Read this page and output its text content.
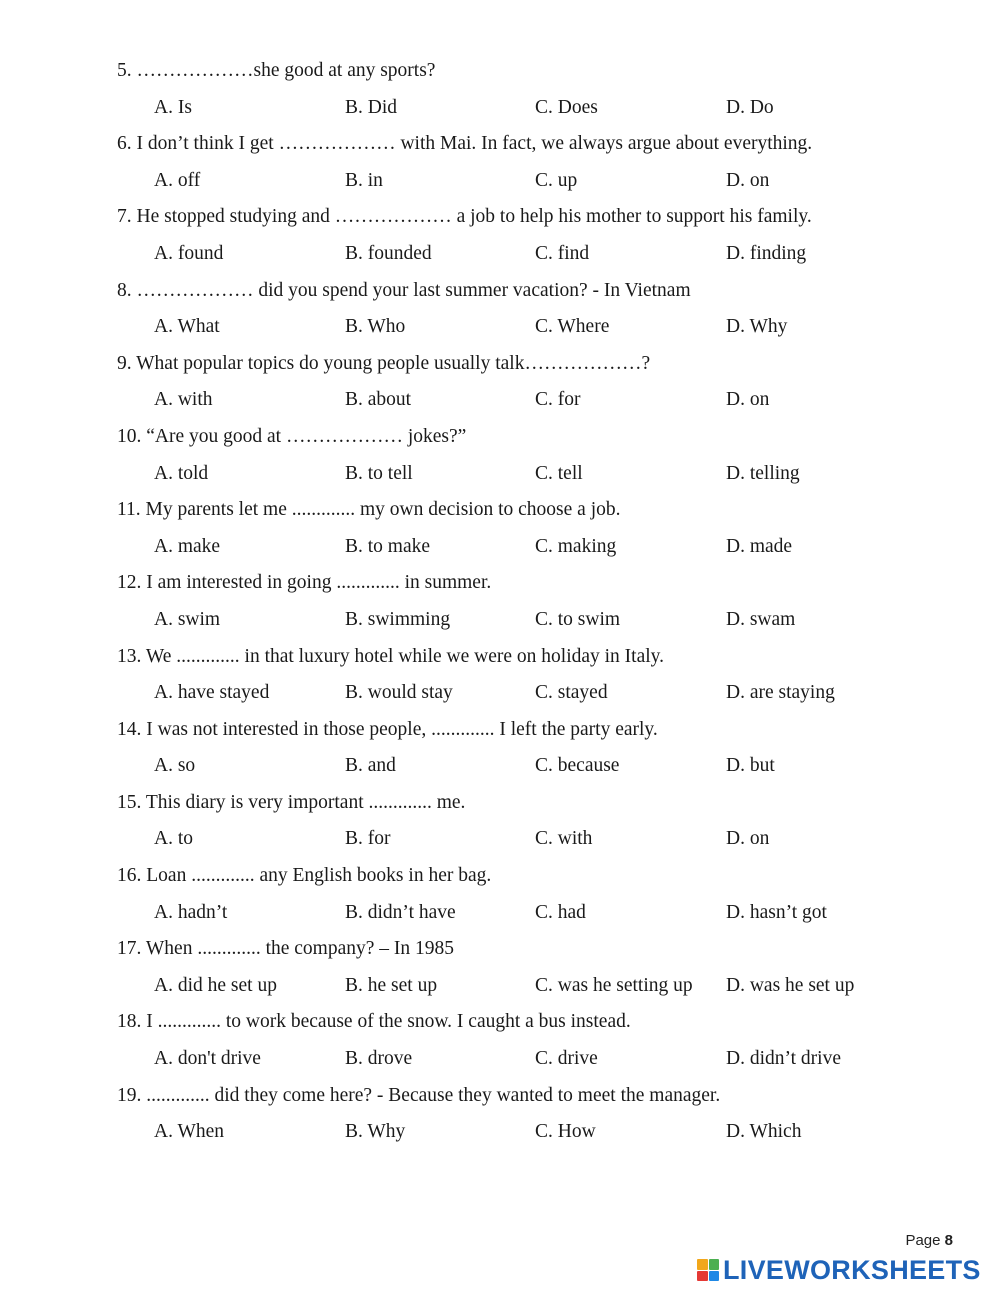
5. ………………she good at any sports?
A. Is	B. Did	C. Does	D. Do
6. I don’t think I get ……………… with Mai. In fact, we always argue about everything.
A. off	B. in	C. up	D. on
7. He stopped studying and ……………… a job to help his mother to support his family.
A. found	B. founded	C. find	D. finding
8. ……………… did you spend your last summer vacation? - In Vietnam
A. What	B. Who	C. Where	D. Why
9. What popular topics do young people usually talk………………?
A. with	B. about	C. for	D. on
10. “Are you good at ……………… jokes?”
A. told	B. to tell	C. tell	D. telling
11. My parents let me ............. my own decision to choose a job.
A. make	B. to make	C. making	D. made
12. I am interested in going ............. in summer.
A. swim	B. swimming	C. to swim	D. swam
13. We ............. in that luxury hotel while we were on holiday in Italy.
A. have stayed	B. would stay	C. stayed	D. are staying
14. I was not interested in those people, ............. I left the party early.
A. so	B. and	C. because	D. but
15. This diary is very important ............. me.
A. to	B. for	C. with	D. on
16. Loan ............. any English books in her bag.
A. hadn’t	B. didn’t have	C. had	D. hasn’t got
17. When ............. the company? – In 1985
A. did he set up	B. he set up	C. was he setting up D. was he set up
18. I ............. to work because of the snow. I caught a bus instead.
A. don't drive	B. drove	C. drive	D. didn’t drive
19. ............. did they come here? - Because they wanted to meet the manager.
A. When	B. Why	C. How	D. Which
Page 8
LIVEWORKSHEETS
